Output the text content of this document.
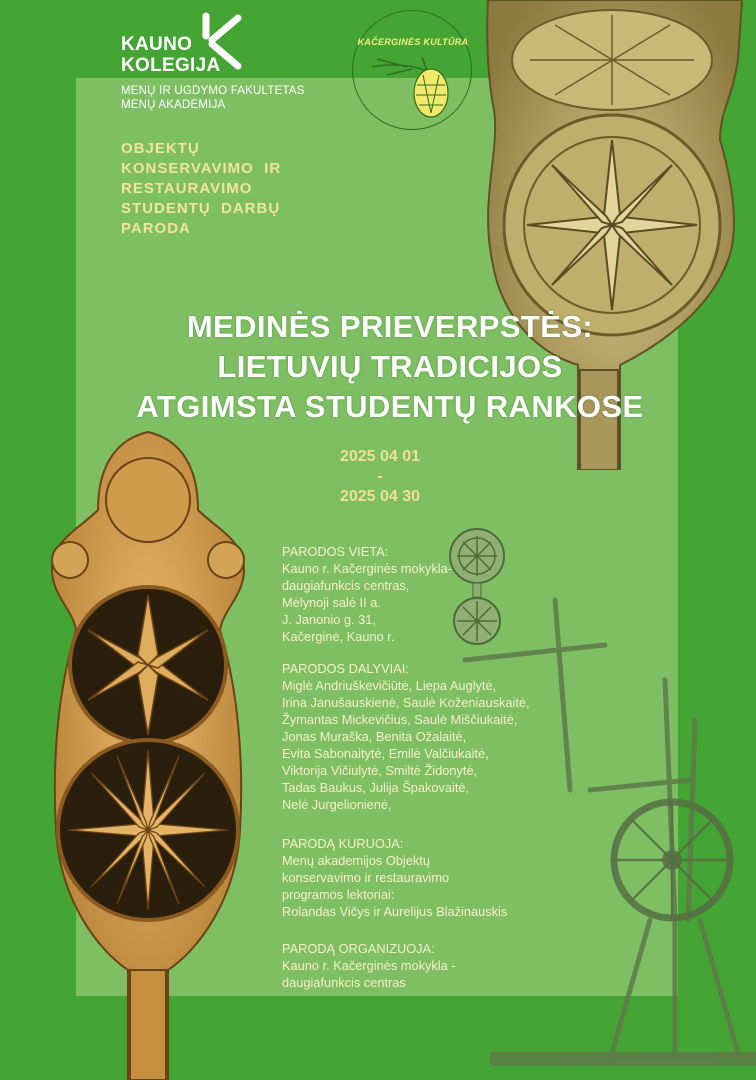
KAUNO
KOLEGIJA
MENŲ IR UGDYMO FAKULTETAS
MENŲ AKADEMIJA
KAČERGINĖS KULTŪRA
OBJEKTŲ
KONSERVAVIMO  IR
RESTAURAVIMO
STUDENTŲ  DARBŲ
PARODA
MEDINĖS PRIEVERPSTĖS:
LIETUVIŲ TRADICIJOS
ATGIMSTA STUDENTŲ RANKOSE
2025 04 01
-
2025 04 30
PARODOS VIETA:
Kauno r. Kačerginės mokykla-
daugiafunkcis centras,
Mėlynoji salė II a.
J. Janonio g. 31,
Kačerginė, Kauno r.
PARODOS DALYVIAI:
Miglė Andriuškevičiūtė, Liepa Auglytė,
Irina Janušauskienė, Saulė Koženiauskaitė,
Žymantas Mickevičius, Saulė Miščiukaitė,
Jonas Muraška, Benita Ožalaitė,
Evita Sabonaitytė, Emilė Valčiukaitė,
Viktorija Vičiulytė, Smiltė Židonytė,
Tadas Baukus, Julija Špakovaitė,
Nelė Jurgelionienė,
PARODĄ KURUOJA:
Menų akademijos Objektų
konservavimo ir restauravimo
programos lektoriai:
Rolandas Vičys ir Aurelijus Blažinauskis
PARODĄ ORGANIZUOJA:
Kauno r. Kačerginės mokykla -
daugiafunkcis centras
